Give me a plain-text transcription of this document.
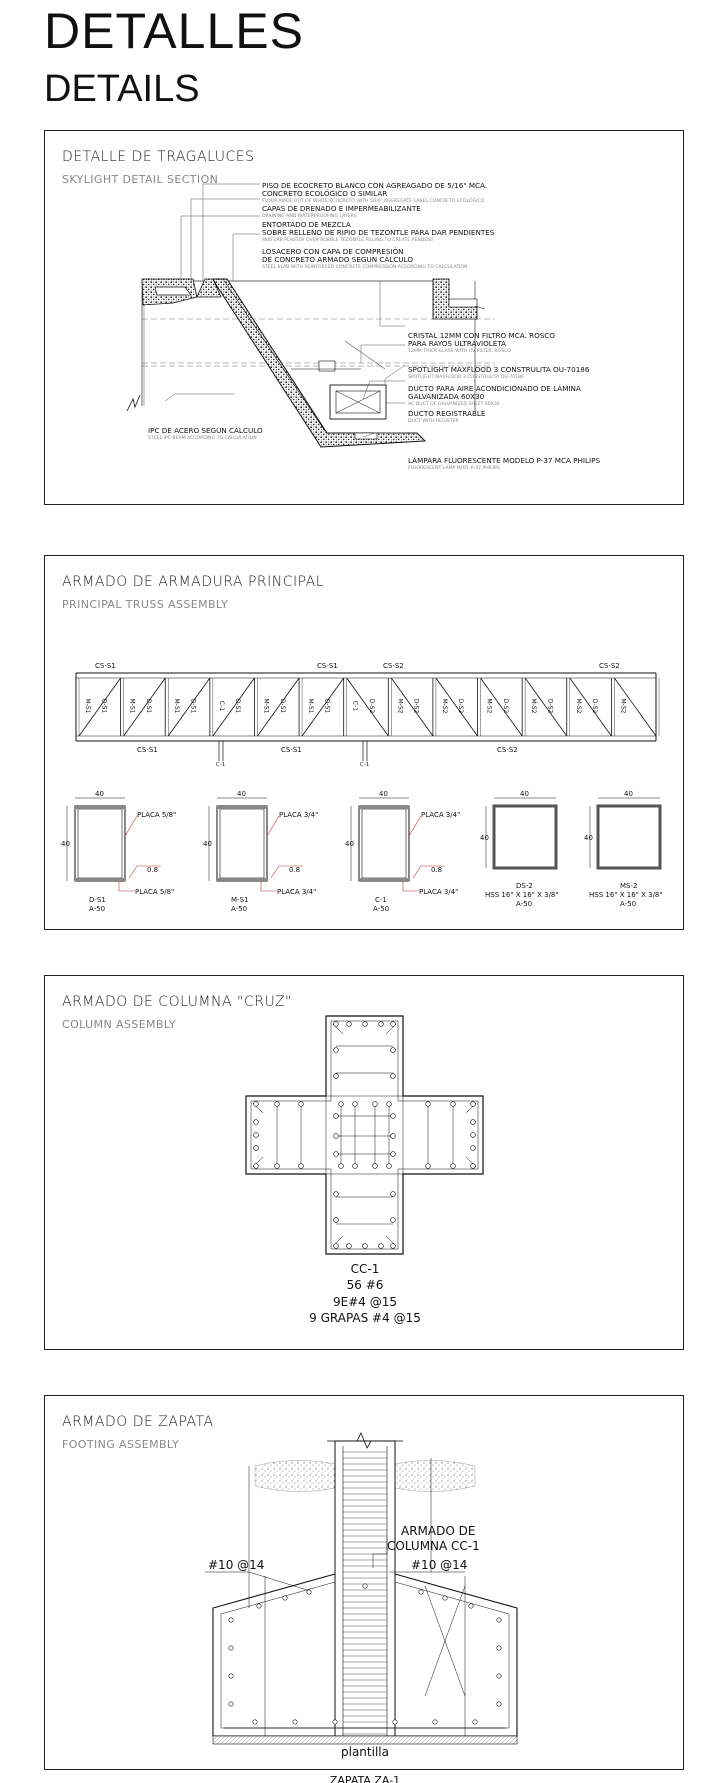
DETALLES
DETAILS
DETALLE DE TRAGALUCES
SKYLIGHT DETAIL SECTION	PISO DE ECOCRETO BLANCO CON AGREAGADO DE 5/16" MCA.
CONCRETO ECOLÓGICO O SIMILAR
FLOOR MADE OUT OF WHITE ECOCRETO WITH 5/16" AGGREGATE LABEL CONCRETO ECOLÓGICO
CAPAS DE DRENADO E IMPERMEABILIZANTE
DRAINING AND WATERPROOFING LAYERS
ENTORTADO DE MEZCLA
SOBRE RELLENO DE RIPIO DE TEZONTLE PARA DAR PENDIENTES
MIXTURE PLASTER OVER RUBBLE TEZONTLE FILLING TO CREATE PENDENT
LOSACERO CON CAPA DE COMPRESIÓN
DE CONCRETO ARMADO SEGUN CÁLCULO
STEEL SLAB WITH REINFORCED CONCRETE COMPRESSION ACCORDING TO CALCULATION
CRISTAL 12MM CON FILTRO MCA. ROSCO
PARA RAYOS ULTRAVIOLETA
12MM THICK GLASS WITH UV FILTER. ROSCO
SPOTLIGHT MAXFLOOD 3 CONSTRULITA OU-70186
SPOTLIGHT MAXFLOOD 3 CONSTRULITA OU-70186
DUCTO PARA AIRE ACONDICIONADO DE LÁMINA
GALVANIZADA 60X30
AC DUCT OF GALVANIZED SHEET 60X30
DUCTO REGISTRABLE
DUCT WITH REGISTER
IPC DE ACERO SEGUN CÁLCULO
STEEL IPC-BEAM ACCORDING TO CALCULATION
LÁMPARA FLUORESCENTE MODELO P-37 MCA PHILIPS
FLUORESCENT LAMP MOD. P-37 PHILIPS
ARMADO DE ARMADURA PRINCIPAL
PRINCIPAL TRUSS ASSEMBLY
CS-S1	CS-S1	CS-S2	CS-S2
CS-S1	CS-S1	CS-S2
C-1	C-1
M-S1 D-S1	M-S1 D-S1	M-S1 D-S1	C-1 D-S1	M-S1 D-S1	M-S1 D-S1	C-1 D-S2	M-S2 D-S2	M-S2 D-S2	M-S2 D-S2	M-S2 D-S2	M-S2 D-S2	M-S2
40
40
PLACA 5/8"
0.8
PLACA 5/8"
D-S1
A-50
40
40
PLACA 3/4"
0.8
PLACA 3/4"
M-S1
A-50
40
40
PLACA 3/4"
0.8
PLACA 3/4"
C-1
A-50
40
40
DS-2
HSS 16" X 16" X 3/8"
A-50
40
40
MS-2
HSS 16" X 16" X 3/8"
A-50
ARMADO DE COLUMNA "CRUZ"
COLUMN ASSEMBLY
CC-1
56 #6
9E#4 @15
9 GRAPAS #4 @15
ARMADO DE ZAPATA
FOOTING ASSEMBLY
#10 @14	#10 @14
ARMADO DE
COLUMNA CC-1
plantilla
ZAPATA ZA-1
